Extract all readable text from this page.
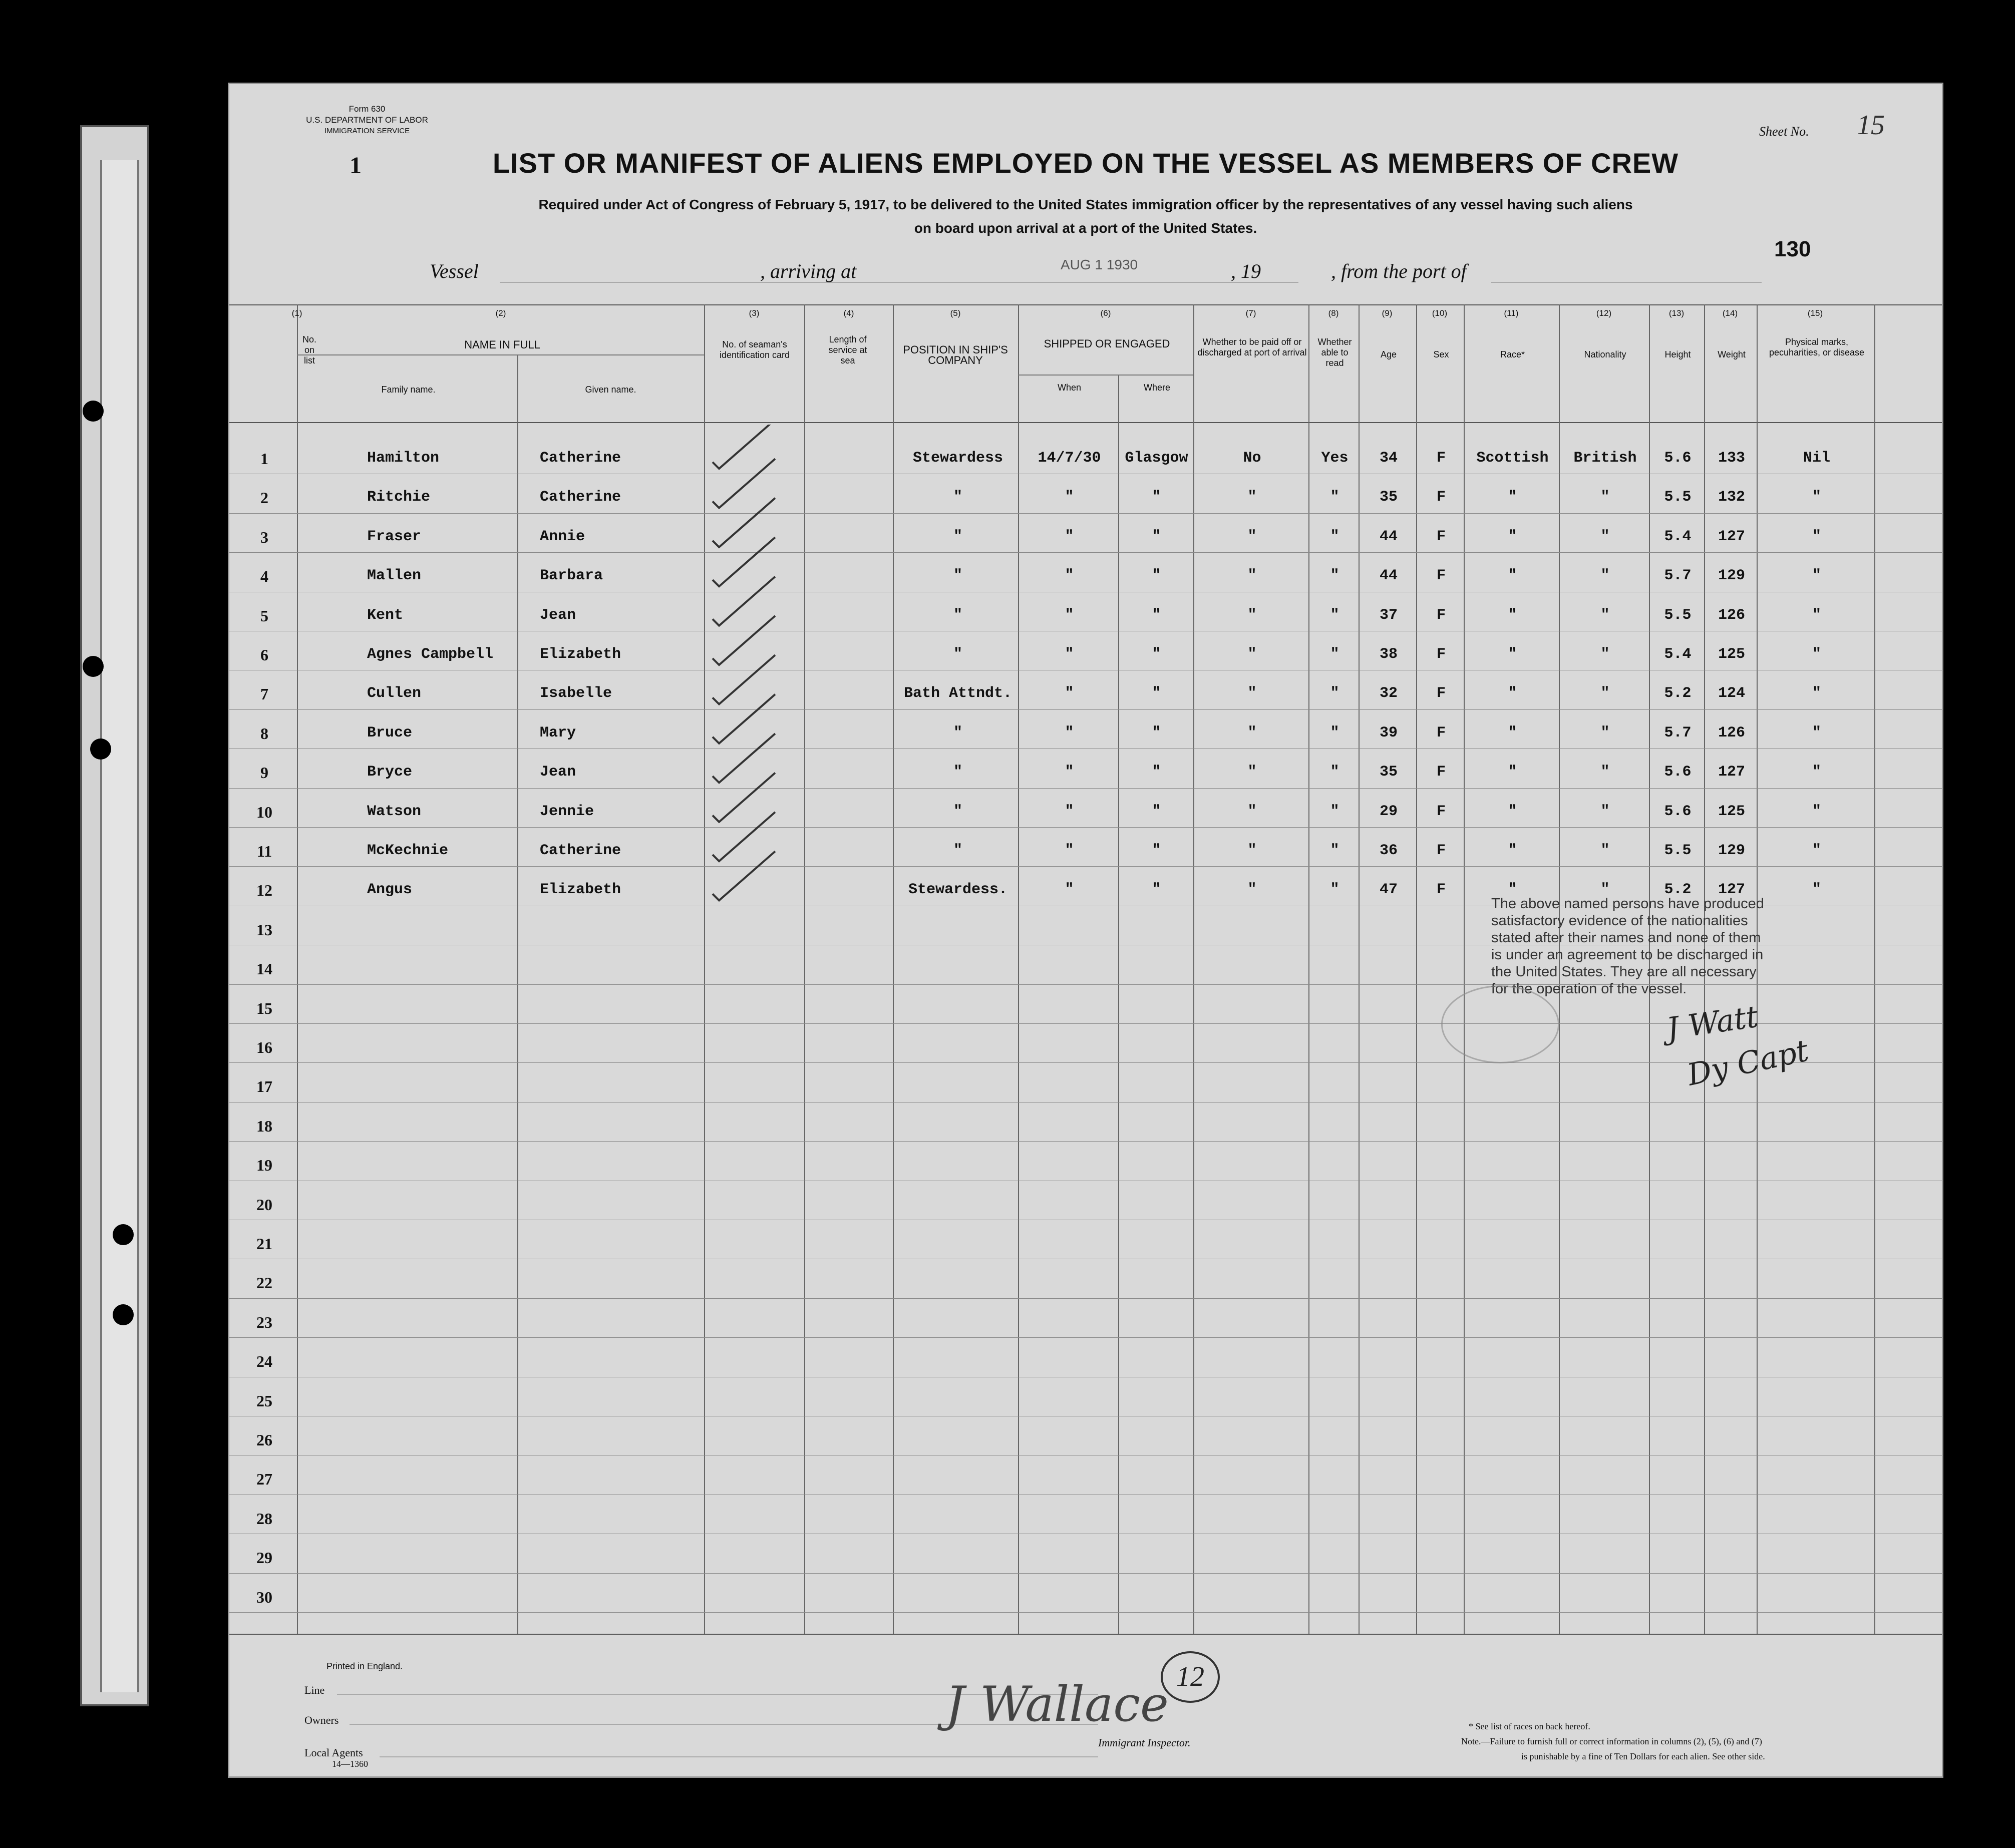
Form 630
U.S. DEPARTMENT OF LABOR
IMMIGRATION SERVICE
1
Sheet No. 15
LIST OR MANIFEST OF ALIENS EMPLOYED ON THE VESSEL AS MEMBERS OF CREW
Required under Act of Congress of February 5, 1917, to be delivered to the United States immigration officer by the representatives of any vessel having such aliens
on board upon arrival at a port of the United States.
130
Vessel	, arriving at	AUG 1 1930	, 19	, from the port of
(1)	(2)	(3)	(4)	(5)	(6)	(7)	(8)	(9)	(10)	(11)	(12)	(13)	(14)	(15)
No. on list
NAME IN FULL
Family name.	Given name.
No. of seaman's identification card
Length of service at sea
POSITION IN SHIP'S COMPANY
SHIPPED OR ENGAGED
When	Where
Whether to be paid off or discharged at port of arrival
Whether able to read
Age	Sex	Race*	Nationality	Height	Weight
Physical marks, pecuharities, or disease
1	Hamilton	Catherine	Stewardess	14/7/30	Glasgow	No	Yes	34	F	Scottish	British	5.6	133	Nil
2	Ritchie	Catherine	"	"	"	"	"	35	F	"	"	5.5	132	"
3	Fraser	Annie	"	"	"	"	"	44	F	"	"	5.4	127	"
4	Mallen	Barbara	"	"	"	"	"	44	F	"	"	5.7	129	"
5	Kent	Jean	"	"	"	"	"	37	F	"	"	5.5	126	"
6	Agnes Campbell	Elizabeth	"	"	"	"	"	38	F	"	"	5.4	125	"
7	Cullen	Isabelle	Bath Attndt.	"	"	"	"	32	F	"	"	5.2	124	"
8	Bruce	Mary	"	"	"	"	"	39	F	"	"	5.7	126	"
9	Bryce	Jean	"	"	"	"	"	35	F	"	"	5.6	127	"
10	Watson	Jennie	"	"	"	"	"	29	F	"	"	5.6	125	"
11	McKechnie	Catherine	"	"	"	"	"	36	F	"	"	5.5	129	"
12	Angus	Elizabeth	Stewardess.	"	"	"	"	47	F	"	"	5.2	127	"
13
14
15
16
17
18
19
20
21
22
23
24
25
26
27
28
29
30
The above named persons have produced
satisfactory evidence of the nationalities
stated after their names and none of them
is under an agreement to be discharged in
the United States. They are all necessary
for the operation of the vessel.
J Watt
Dy Capt
Printed in England.
Line
Owners
Local Agents
14—1360
J Wallace 12
Immigrant Inspector.
* See list of races on back hereof.
Note.—Failure to furnish full or correct information in columns (2), (5), (6) and (7)
is punishable by a fine of Ten Dollars for each alien. See other side.
